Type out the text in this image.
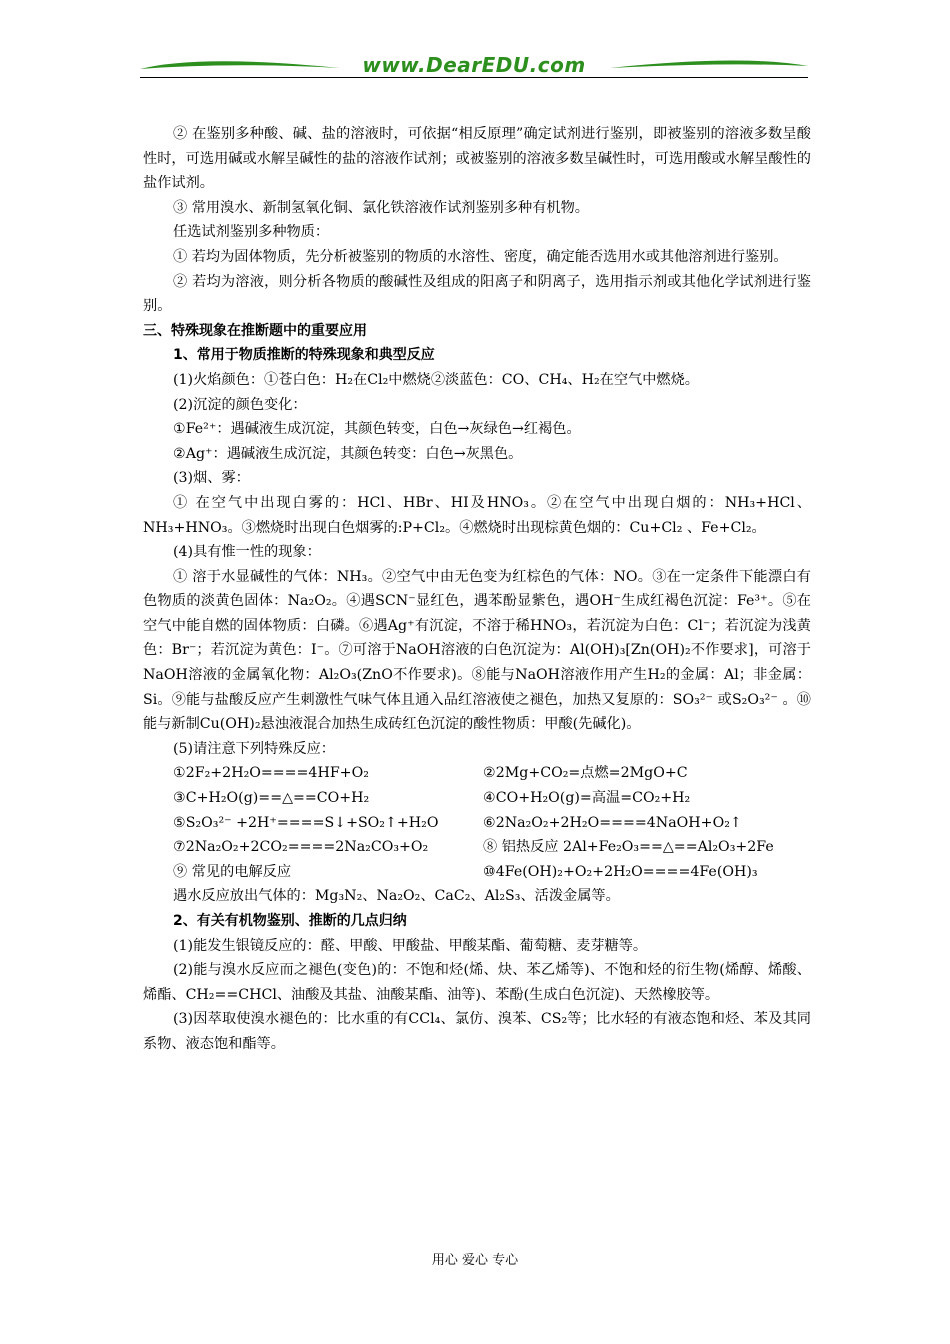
www.DearEDU.com

② 在鉴别多种酸、碱、盐的溶液时，可依据“相反原理”确定试剂进行鉴别，即被鉴别的溶液多数呈酸性时，可选用碱或水解呈碱性的盐的溶液作试剂；或被鉴别的溶液多数呈碱性时，可选用酸或水解呈酸性的盐作试剂。

③ 常用溴水、新制氢氧化铜、氯化铁溶液作试剂鉴别多种有机物。

任选试剂鉴别多种物质：

① 若均为固体物质，先分析被鉴别的物质的水溶性、密度，确定能否选用水或其他溶剂进行鉴别。

② 若均为溶液，则分析各物质的酸碱性及组成的阳离子和阴离子，选用指示剂或其他化学试剂进行鉴别。

三、特殊现象在推断题中的重要应用

1、常用于物质推断的特殊现象和典型反应

(1)火焰颜色：①苍白色：H₂在Cl₂中燃烧②淡蓝色：CO、CH₄、H₂在空气中燃烧。

(2)沉淀的颜色变化：

①Fe²⁺：遇碱液生成沉淀，其颜色转变，白色→灰绿色→红褐色。

②Ag⁺：遇碱液生成沉淀，其颜色转变：白色→灰黑色。

(3)烟、雾：

① 在空气中出现白雾的：HCl、HBr、HI及HNO₃。②在空气中出现白烟的：NH₃+HCl、NH₃+HNO₃。③燃烧时出现白色烟雾的:P+Cl₂。④燃烧时出现棕黄色烟的：Cu+Cl₂ 、Fe+Cl₂。

(4)具有惟一性的现象：

① 溶于水显碱性的气体：NH₃。②空气中由无色变为红棕色的气体：NO。③在一定条件下能漂白有色物质的淡黄色固体：Na₂O₂。④遇SCN⁻显红色，遇苯酚显紫色，遇OH⁻生成红褐色沉淀：Fe³⁺。⑤在空气中能自燃的固体物质：白磷。⑥遇Ag⁺有沉淀，不溶于稀HNO₃，若沉淀为白色：Cl⁻；若沉淀为浅黄色：Br⁻；若沉淀为黄色：I⁻。⑦可溶于NaOH溶液的白色沉淀为：Al(OH)₃[Zn(OH)₂不作要求]，可溶于NaOH溶液的金属氧化物：Al₂O₃(ZnO不作要求)。⑧能与NaOH溶液作用产生H₂的金属：Al；非金属：Si。⑨能与盐酸反应产生刺激性气味气体且通入品红溶液使之褪色，加热又复原的：SO₃²⁻ 或S₂O₃²⁻ 。⑩能与新制Cu(OH)₂悬浊液混合加热生成砖红色沉淀的酸性物质：甲酸(先碱化)。

(5)请注意下列特殊反应：

①2F₂+2H₂O====4HF+O₂	②2Mg+CO₂=点燃=2MgO+C
③C+H₂O(g)==△==CO+H₂	④CO+H₂O(g)=高温=CO₂+H₂
⑤S₂O₃²⁻ +2H⁺====S↓+SO₂↑+H₂O	⑥2Na₂O₂+2H₂O====4NaOH+O₂↑
⑦2Na₂O₂+2CO₂====2Na₂CO₃+O₂	⑧ 铝热反应 2Al+Fe₂O₃==△==Al₂O₃+2Fe
⑨ 常见的电解反应	⑩4Fe(OH)₂+O₂+2H₂O====4Fe(OH)₃

遇水反应放出气体的：Mg₃N₂、Na₂O₂、CaC₂、Al₂S₃、活泼金属等。

2、有关有机物鉴别、推断的几点归纳

(1)能发生银镜反应的：醛、甲酸、甲酸盐、甲酸某酯、葡萄糖、麦芽糖等。

(2)能与溴水反应而之褪色(变色)的：不饱和烃(烯、炔、苯乙烯等)、不饱和烃的衍生物(烯醇、烯酸、烯酯、CH₂==CHCl、油酸及其盐、油酸某酯、油等)、苯酚(生成白色沉淀)、天然橡胶等。

(3)因萃取使溴水褪色的：比水重的有CCl₄、氯仿、溴苯、CS₂等；比水轻的有液态饱和烃、苯及其同系物、液态饱和酯等。

用心 爱心 专心
